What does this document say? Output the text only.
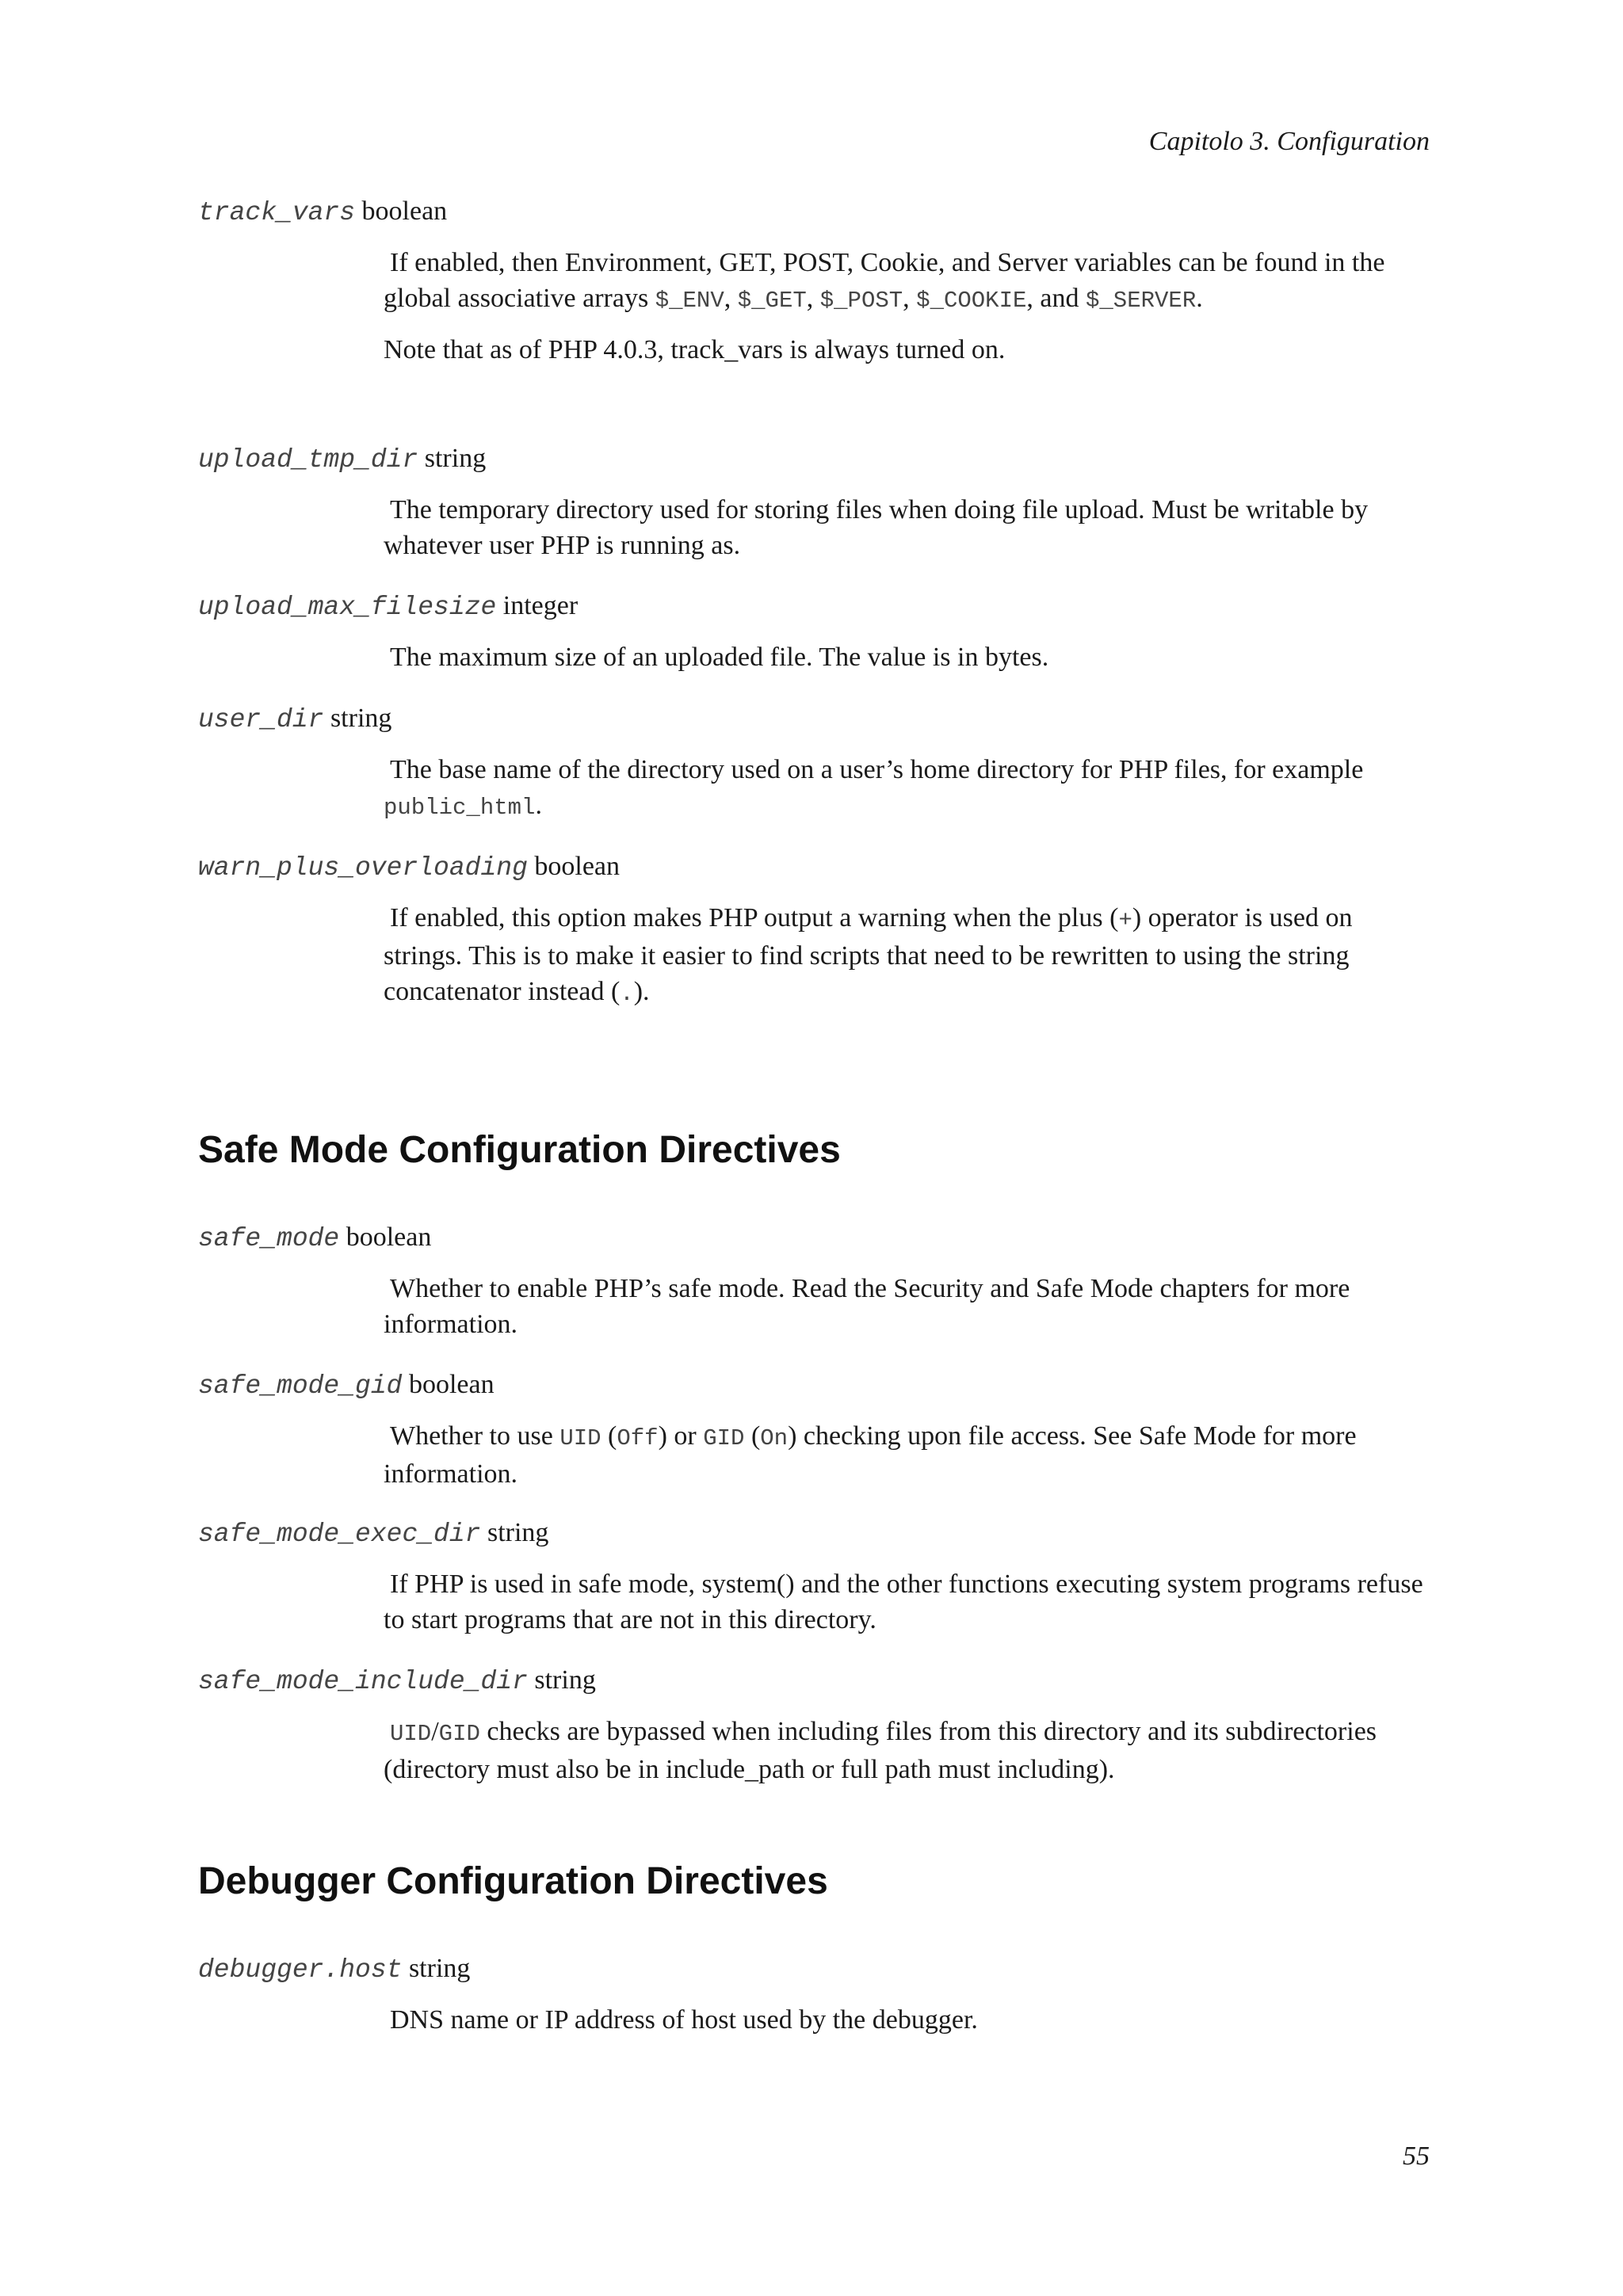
Capitolo 3. Configuration
track_vars boolean

If enabled, then Environment, GET, POST, Cookie, and Server variables can be found in the global associative arrays $_ENV, $_GET, $_POST, $_COOKIE, and $_SERVER.

Note that as of PHP 4.0.3, track_vars is always turned on.

upload_tmp_dir string

The temporary directory used for storing files when doing file upload. Must be writable by whatever user PHP is running as.

upload_max_filesize integer

The maximum size of an uploaded file. The value is in bytes.

user_dir string

The base name of the directory used on a user’s home directory for PHP files, for example public_html.

warn_plus_overloading boolean

If enabled, this option makes PHP output a warning when the plus (+) operator is used on strings. This is to make it easier to find scripts that need to be rewritten to using the string concatenator instead (.).

Safe Mode Configuration Directives
safe_mode boolean

Whether to enable PHP’s safe mode. Read the Security and Safe Mode chapters for more information.

safe_mode_gid boolean

Whether to use UID (Off) or GID (On) checking upon file access. See Safe Mode for more information.

safe_mode_exec_dir string

If PHP is used in safe mode, system() and the other functions executing system programs refuse to start programs that are not in this directory.

safe_mode_include_dir string

UID/GID checks are bypassed when including files from this directory and its subdirectories (directory must also be in include_path or full path must including).

Debugger Configuration Directives
debugger.host string

DNS name or IP address of host used by the debugger.

55
